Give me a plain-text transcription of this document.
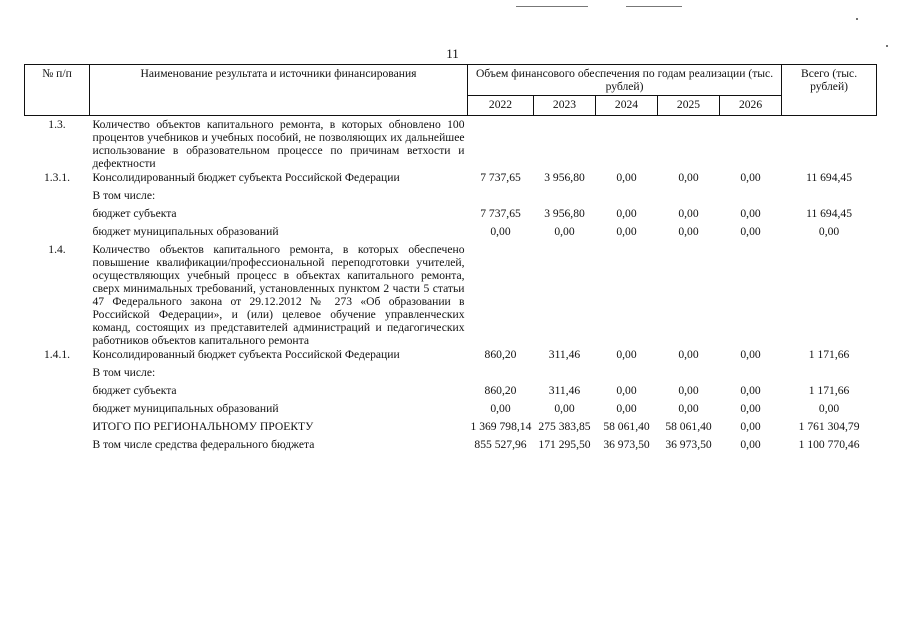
11
№ п/п	Наименование результата и источники финансирования	Объем финансового обеспечения по годам реализации (тыс. рублей)					Всего (тыс. рублей)
		2022	2023	2024	2025	2026	
1.3.	Количество объектов капитального ремонта, в которых обновлено 100 процентов учебников и учебных пособий, не позволяющих их дальнейшее использование в образовательном процессе по причинам ветхости и дефектности						
1.3.1.	Консолидированный бюджет субъекта Российской Федерации	7 737,65	3 956,80	0,00	0,00	0,00	11 694,45
	В том числе:						
	бюджет субъекта	7 737,65	3 956,80	0,00	0,00	0,00	11 694,45
	бюджет муниципальных образований	0,00	0,00	0,00	0,00	0,00	0,00
1.4.	Количество объектов капитального ремонта, в которых обеспечено повышение квалификации/профессиональной переподготовки учителей, осуществляющих учебный процесс в объектах капитального ремонта, сверх минимальных требований, установленных пунктом 2 части 5 статьи 47 Федерального закона от 29.12.2012 № 273 «Об образовании в Российской Федерации», и (или) целевое обучение управленческих команд, состоящих из представителей администраций и педагогических работников объектов капитального ремонта						
1.4.1.	Консолидированный бюджет субъекта Российской Федерации	860,20	311,46	0,00	0,00	0,00	1 171,66
	В том числе:						
	бюджет субъекта	860,20	311,46	0,00	0,00	0,00	1 171,66
	бюджет муниципальных образований	0,00	0,00	0,00	0,00	0,00	0,00
	ИТОГО ПО РЕГИОНАЛЬНОМУ ПРОЕКТУ	1 369 798,14	275 383,85	58 061,40	58 061,40	0,00	1 761 304,79
	В том числе средства федерального бюджета	855 527,96	171 295,50	36 973,50	36 973,50	0,00	1 100 770,46
